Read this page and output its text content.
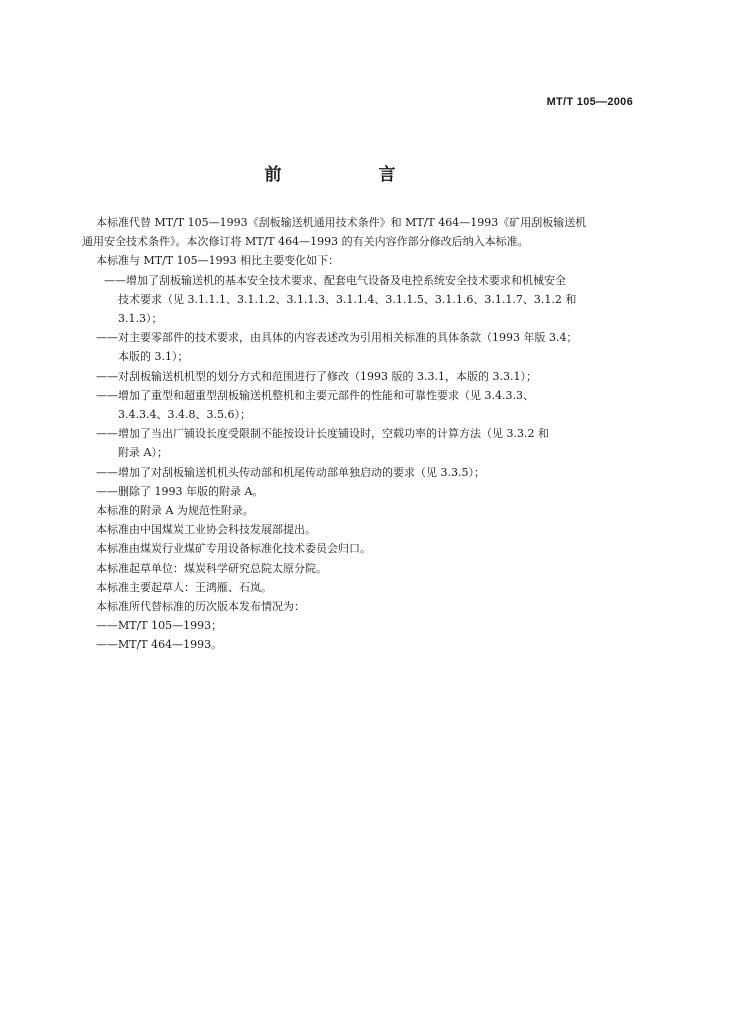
MT/T 105—2006
前　言

本标准代替 MT/T 105—1993《刮板输送机通用技术条件》和 MT/T 464—1993《矿用刮板输送机

通用安全技术条件》。本次修订将 MT/T 464—1993 的有关内容作部分修改后纳入本标准。

本标准与 MT/T 105—1993 相比主要变化如下：

——增加了刮板输送机的基本安全技术要求、配套电气设备及电控系统安全技术要求和机械安全

技术要求（见 3.1.1.1、3.1.1.2、3.1.1.3、3.1.1.4、3.1.1.5、3.1.1.6、3.1.1.7、3.1.2 和

3.1.3）；

——对主要零部件的技术要求，由具体的内容表述改为引用相关标准的具体条款（1993 年版 3.4；

本版的 3.1）；

——对刮板输送机机型的划分方式和范围进行了修改（1993 版的 3.3.1，本版的 3.3.1）；

——增加了重型和超重型刮板输送机整机和主要元部件的性能和可靠性要求（见 3.4.3.3、

3.4.3.4、3.4.8、3.5.6）；

——增加了当出厂铺设长度受限制不能按设计长度铺设时，空载功率的计算方法（见 3.3.2 和

附录 A）；

——增加了对刮板输送机机头传动部和机尾传动部单独启动的要求（见 3.3.5）；

——删除了 1993 年版的附录 A。

本标准的附录 A 为规范性附录。

本标准由中国煤炭工业协会科技发展部提出。

本标准由煤炭行业煤矿专用设备标准化技术委员会归口。

本标准起草单位：煤炭科学研究总院太原分院。

本标准主要起草人：王鸿雁、石岚。

本标准所代替标准的历次版本发布情况为：

——MT/T 105—1993；

——MT/T 464—1993。
